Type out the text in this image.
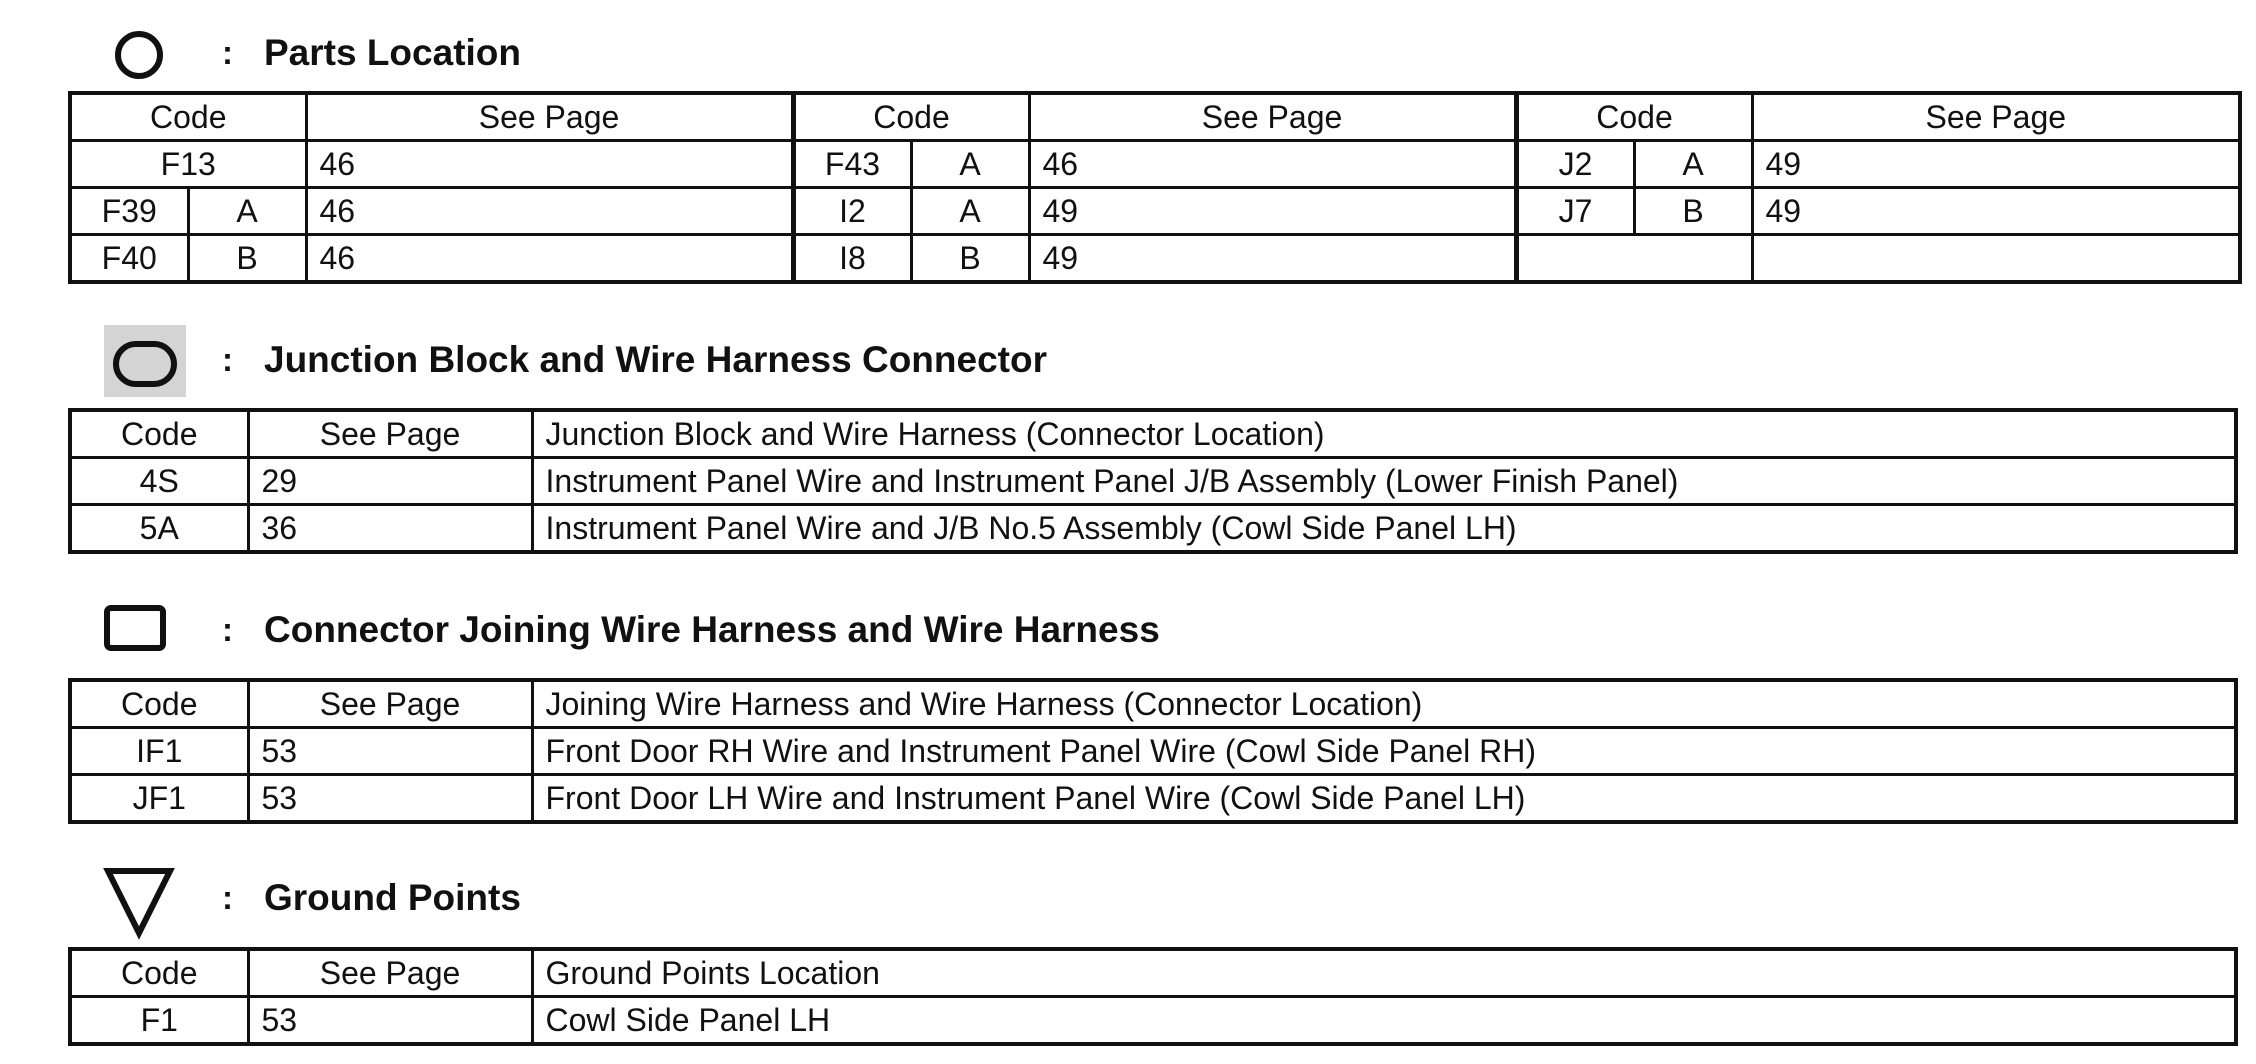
: Parts Location
Code		See Page	Code		See Page	Code		See Page
F13		46	F43	A	46	J2	A	49
F39	A	46	I2	A	49	J7	B	49
F40	B	46	I8	B	49			
: Junction Block and Wire Harness Connector
Code	See Page	Junction Block and Wire Harness (Connector Location)
4S	29	Instrument Panel Wire and Instrument Panel J/B Assembly (Lower Finish Panel)
5A	36	Instrument Panel Wire and J/B No.5 Assembly (Cowl Side Panel LH)
: Connector Joining Wire Harness and Wire Harness
Code	See Page	Joining Wire Harness and Wire Harness (Connector Location)
IF1	53	Front Door RH Wire and Instrument Panel Wire (Cowl Side Panel RH)
JF1	53	Front Door LH Wire and Instrument Panel Wire (Cowl Side Panel LH)
: Ground Points
Code	See Page	Ground Points Location
F1	53	Cowl Side Panel LH
